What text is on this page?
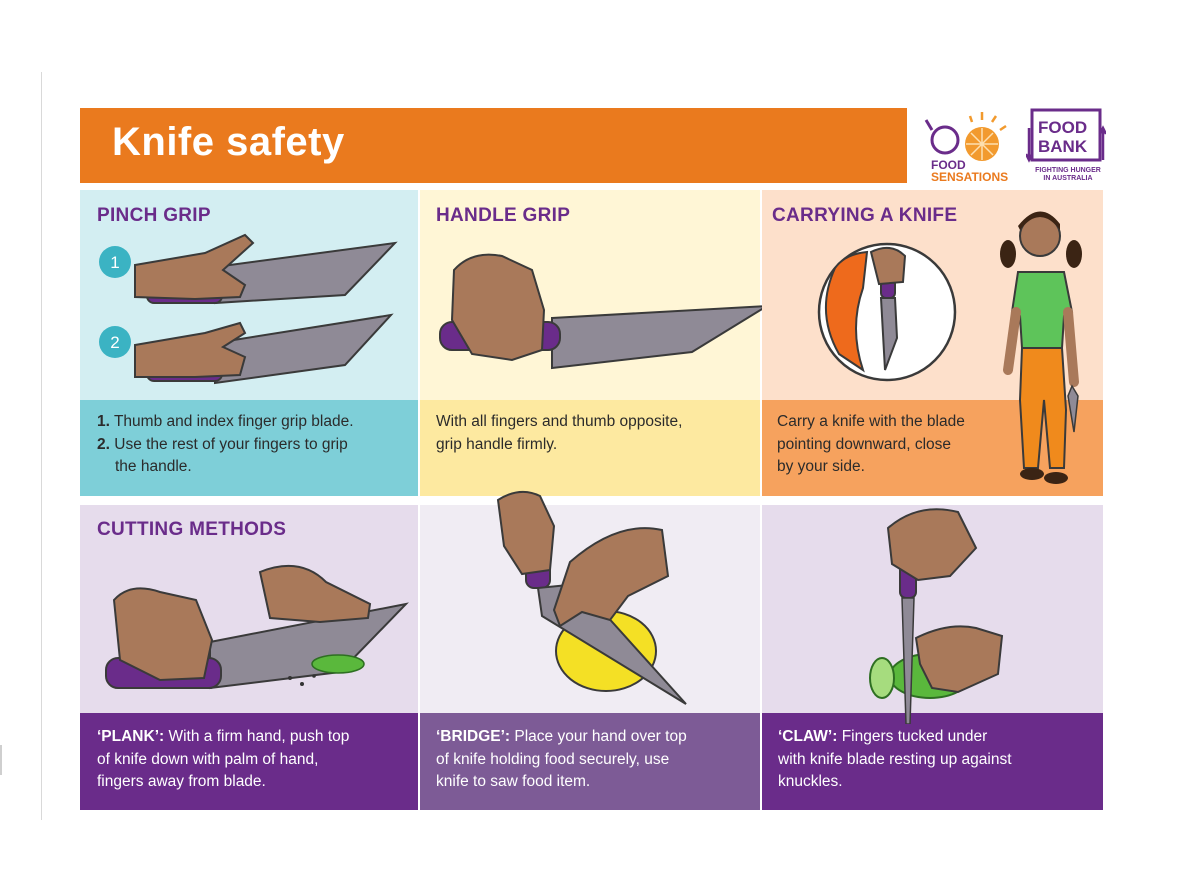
Knife safety
FOOD
SENSATIONS
FOOD
BANK
FIGHTING HUNGER
IN AUSTRALIA
PINCH GRIP
1
2
1. Thumb and index finger grip blade.
2. Use the rest of your fingers to grip
the handle.
HANDLE GRIP
With all fingers and thumb opposite,
grip handle firmly.
CARRYING A KNIFE
Carry a knife with the blade
pointing downward, close
by your side.
CUTTING METHODS
‘PLANK’: With a firm hand, push top
of knife down with palm of hand,
fingers away from blade.
‘BRIDGE’: Place your hand over top
of knife holding food securely, use
knife to saw food item.
‘CLAW’: Fingers tucked under
with knife blade resting up against
knuckles.
